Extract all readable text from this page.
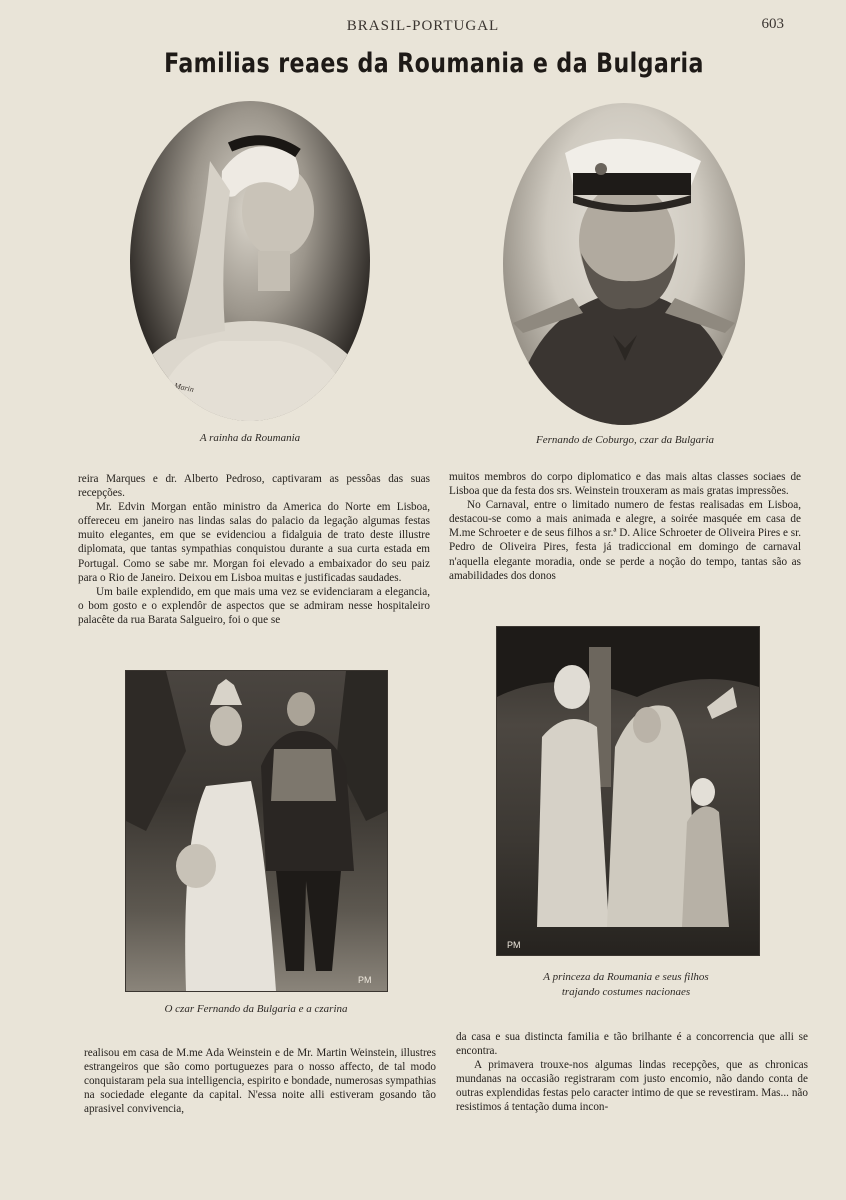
BRASIL-PORTUGAL	603
Familias reaes da Roumania e da Bulgaria
Marin
A rainha da Roumania	Fernando de Coburgo, czar da Bulgaria

reira Marques e dr. Alberto Pedroso, captivaram as pessôas das suas recepções.

Mr. Edvin Morgan então ministro da America do Norte em Lisboa, offereceu em janeiro nas lindas salas do palacio da legação algumas festas muito elegantes, em que se evidenciou a fidalguia de trato deste illustre diplomata, que tantas sympathias conquistou durante a sua curta estada em Portugal. Como se sabe mr. Morgan foi elevado a embaixador do seu paiz para o Rio de Janeiro. Deixou em Lisboa muitas e justificadas saudades.

Um baile explendido, em que mais uma vez se evidenciaram a elegancia, o bom gosto e o explendôr de aspectos que se admiram nesse hospitaleiro palacête da rua Barata Salgueiro, foi o que se

muitos membros do corpo diplomatico e das mais altas classes sociaes de Lisboa que da festa dos srs. Weinstein trouxeram as mais gratas impressões.

No Carnaval, entre o limitado numero de festas realisadas em Lisboa, destacou-se como a mais animada e alegre, a soirée masquée em casa de M.me Schroeter e de seus filhos a sr.ª D. Alice Schroeter de Oliveira Pires e sr. Pedro de Oliveira Pires, festa já tradiccional em domingo de carnaval n'aquella elegante moradia, onde se perde a noção do tempo, tantas são as amabilidades dos donos

PM
O czar Fernando da Bulgaria e a czarina
PM
A princeza da Roumania e seus filhos
trajando costumes nacionaes

realisou em casa de M.me Ada Weinstein e de Mr. Martin Weinstein, illustres estrangeiros que são como portuguezes para o nosso affecto, de tal modo conquistaram pela sua intelligencia, espirito e bondade, numerosas sympathias na sociedade elegante da capital. N'essa noite alli estiveram gosando tão aprasivel convivencia,

da casa e sua distincta familia e tão brilhante é a concorrencia que alli se encontra.

A primavera trouxe-nos algumas lindas recepções, que as chronicas mundanas na occasião registraram com justo encomio, não dando conta de outras explendidas festas pelo caracter intimo de que se revestiram. Mas... não resistimos á tentação duma incon-
